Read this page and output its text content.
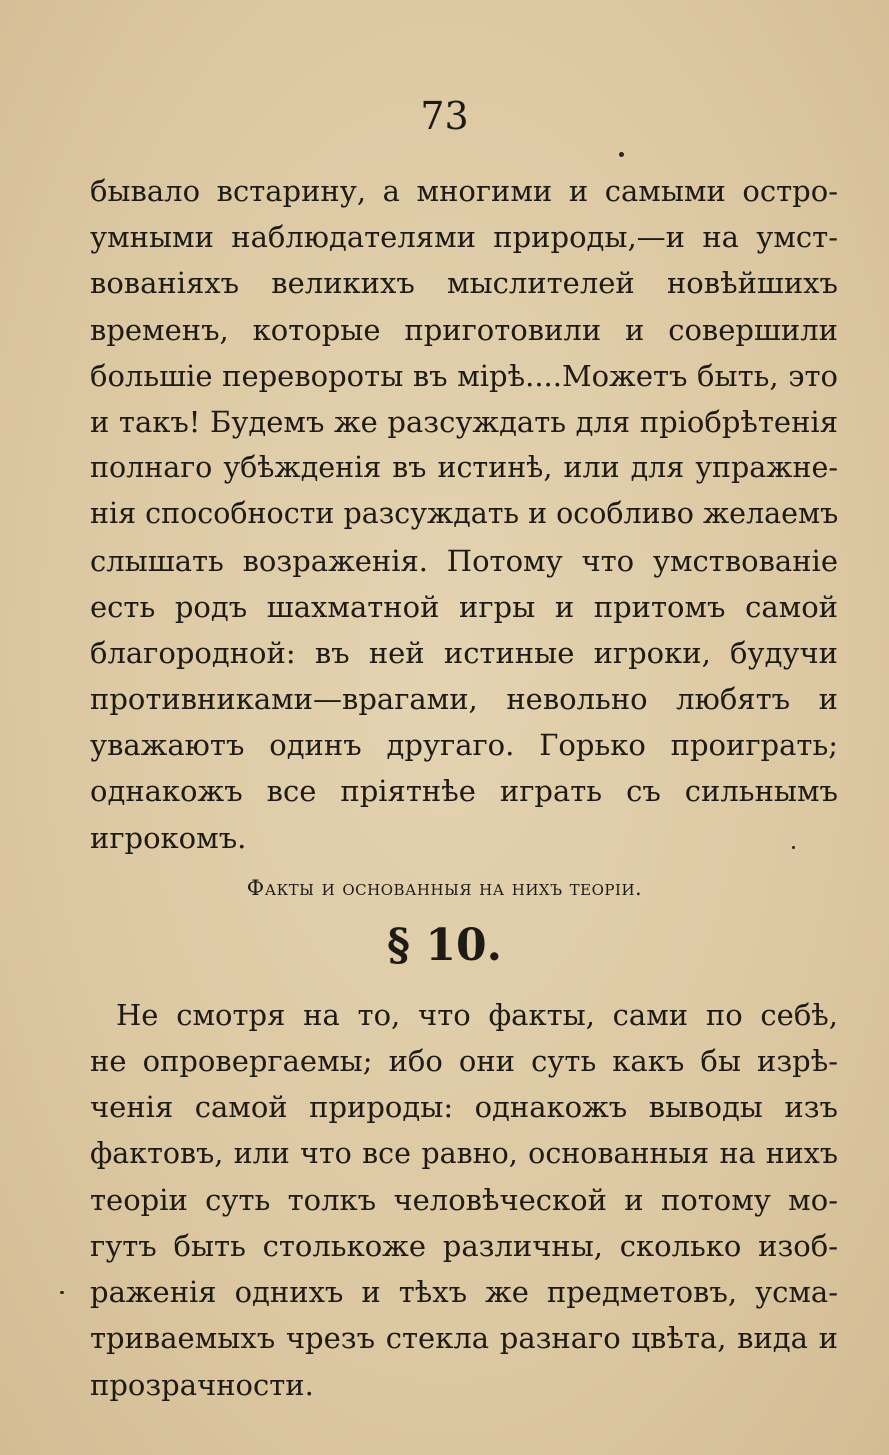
73
бывало встарину, а многими и самыми остро-
умными наблюдателями природы,—и на умст-
вованіяхъ великихъ мыслителей новѣйшихъ
временъ, которые приготовили и совершили
большіе перевороты въ мірѣ....Можетъ быть, это
и такъ! Будемъ же разсуждать для пріобрѣтенія
полнаго убѣжденія въ истинѣ, или для упражне-
нія способности разсуждать и особливо желаемъ
слышать возраженія. Потому что умствованіе
есть родъ шахматной игры и притомъ самой
благородной: въ ней истиные игроки, будучи
противниками—врагами, невольно любятъ и
уважаютъ одинъ другаго. Горько проиграть;
однакожъ все пріятнѣе играть съ сильнымъ
игрокомъ.
Факты и основанныя на нихъ теоріи.
§ 10.
Не смотря на то, что факты, сами по себѣ,
не опровергаемы; ибо они суть какъ бы изрѣ-
ченія самой природы: однакожъ выводы изъ
фактовъ, или что все равно, основанныя на нихъ
теоріи суть толкъ человѣческой и потому мо-
гутъ быть столькоже различны, сколько изоб-
раженія однихъ и тѣхъ же предметовъ, усма-
триваемыхъ чрезъ стекла разнаго цвѣта, вида и
прозрачности.
